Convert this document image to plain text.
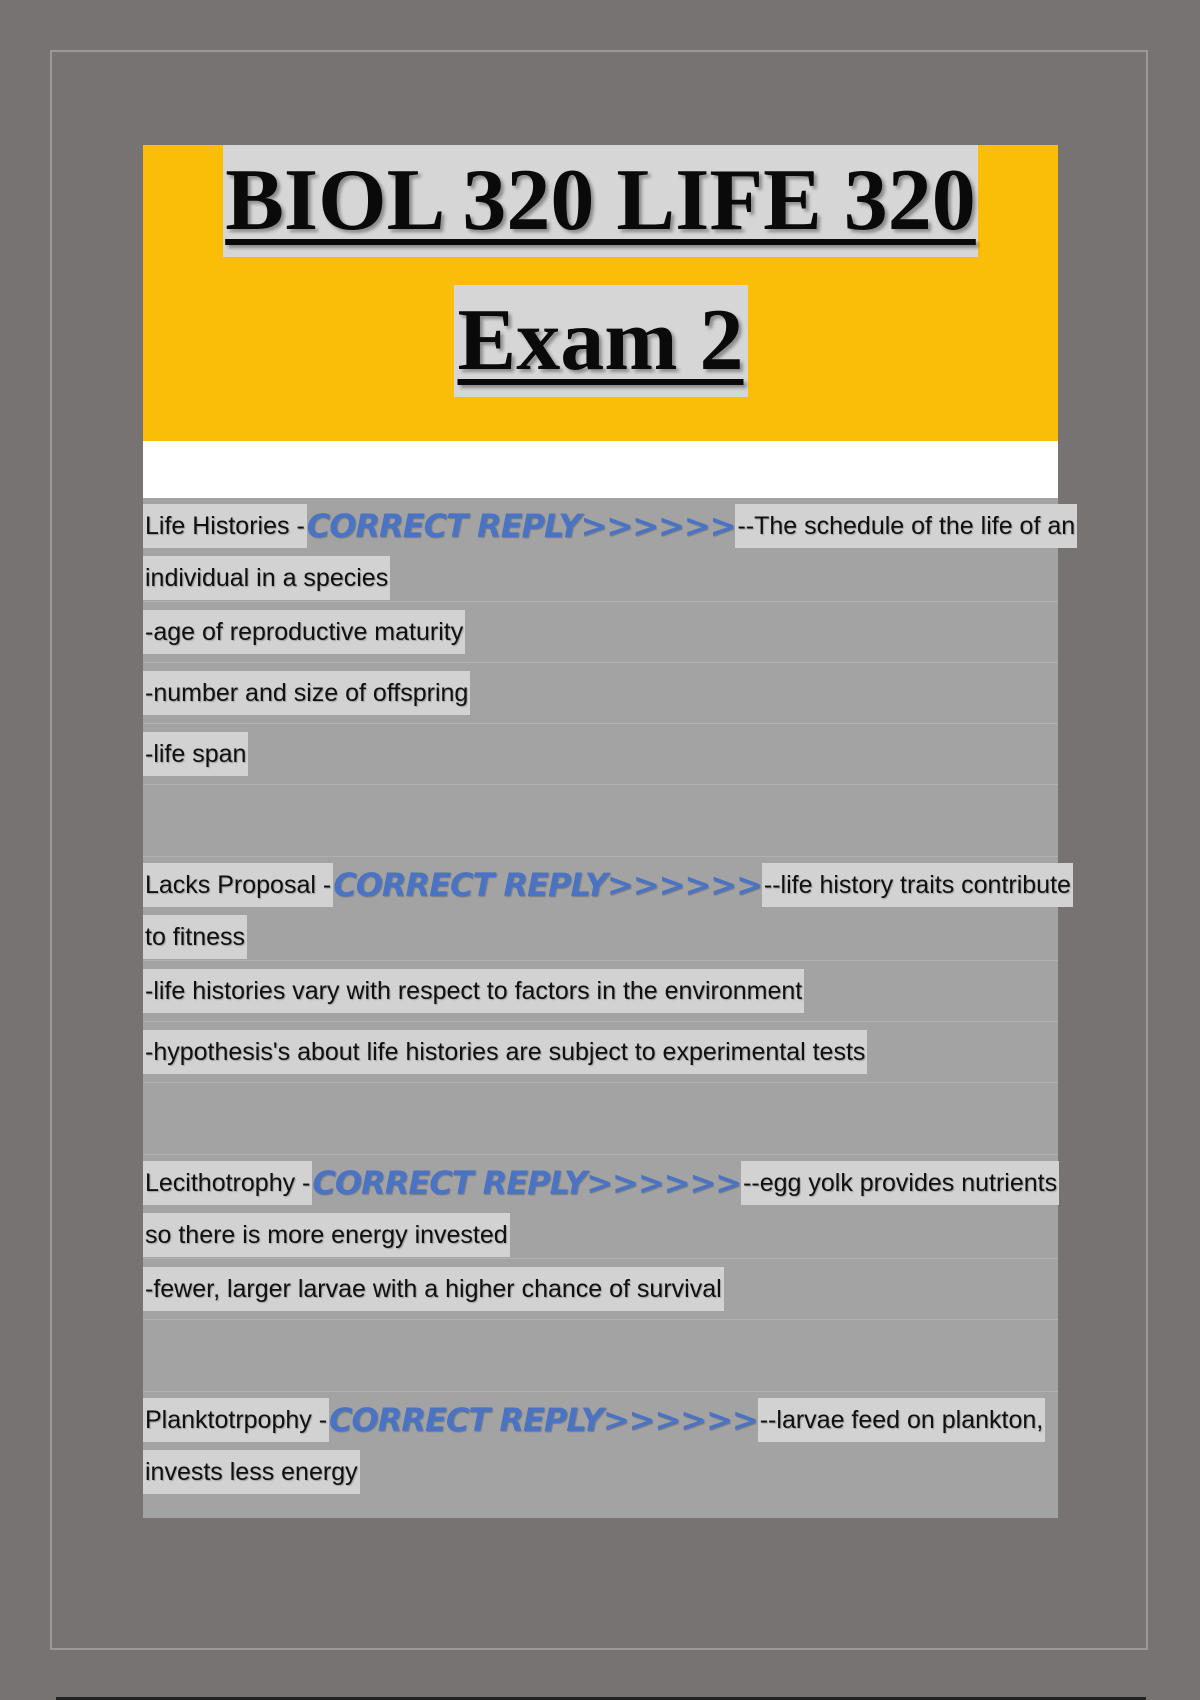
BIOL 320 LIFE 320
Exam 2
Life Histories - CORRECT REPLY>>>>>> --The schedule of the life of an
individual in a species
-age of reproductive maturity
-number and size of offspring
-life span
Lacks Proposal - CORRECT REPLY>>>>>> --life history traits contribute
to fitness
-life histories vary with respect to factors in the environment
-hypothesis's about life histories are subject to experimental tests
Lecithotrophy - CORRECT REPLY>>>>>> --egg yolk provides nutrients
so there is more energy invested
-fewer, larger larvae with a higher chance of survival
Planktotrpophy - CORRECT REPLY>>>>>> --larvae feed on plankton,
invests less energy
